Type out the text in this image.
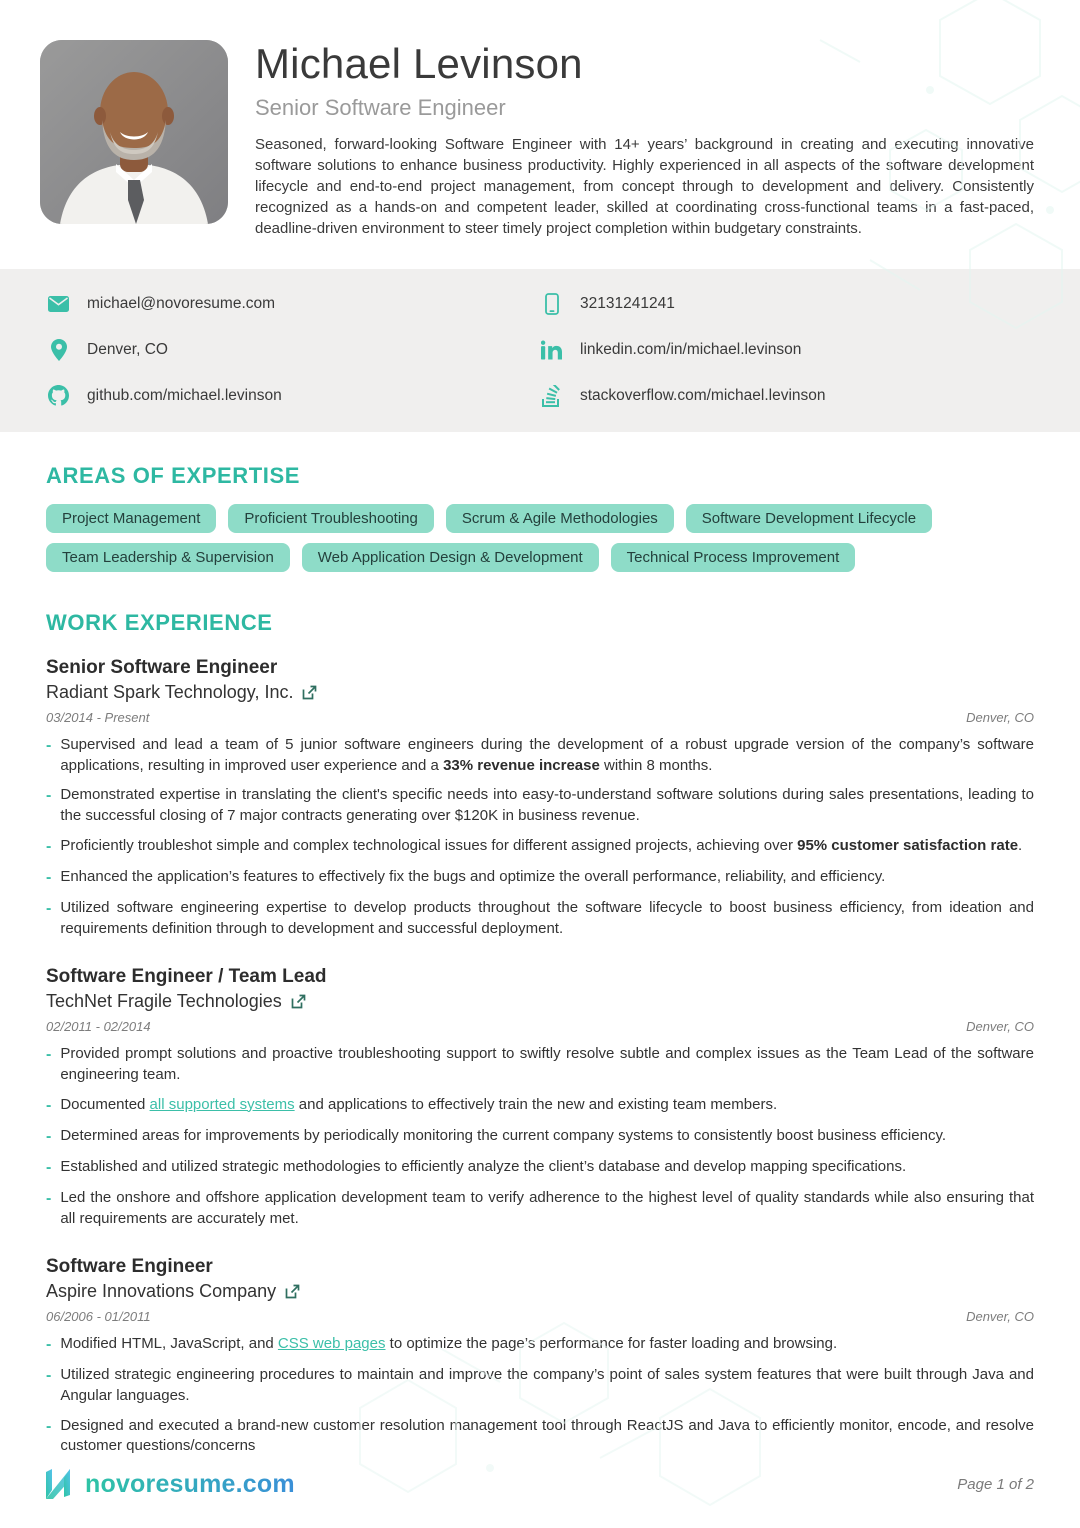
Michael Levinson
Senior Software Engineer
Seasoned, forward-looking Software Engineer with 14+ years’ background in creating and executing innovative software solutions to enhance business productivity. Highly experienced in all aspects of the software development lifecycle and end-to-end project management, from concept through to development and delivery. Consistently recognized as a hands-on and competent leader, skilled at coordinating cross-functional teams in a fast-paced, deadline-driven environment to steer timely project completion within budgetary constraints.
michael@novoresume.com	32131241241
Denver, CO	linkedin.com/in/michael.levinson
github.com/michael.levinson	stackoverflow.com/michael.levinson
AREAS OF EXPERTISE
Project Management	Proficient Troubleshooting	Scrum & Agile Methodologies	Software Development Lifecycle
Team Leadership & Supervision	Web Application Design & Development	Technical Process Improvement
WORK EXPERIENCE
Senior Software Engineer
Radiant Spark Technology, Inc.
03/2014 - Present	Denver, CO
- Supervised and lead a team of 5 junior software engineers during the development of a robust upgrade version of the company’s software applications, resulting in improved user experience and a 33% revenue increase within 8 months.
- Demonstrated expertise in translating the client's specific needs into easy-to-understand software solutions during sales presentations, leading to the successful closing of 7 major contracts generating over $120K in business revenue.
- Proficiently troubleshot simple and complex technological issues for different assigned projects, achieving over 95% customer satisfaction rate.
- Enhanced the application’s features to effectively fix the bugs and optimize the overall performance, reliability, and efficiency.
- Utilized software engineering expertise to develop products throughout the software lifecycle to boost business efficiency, from ideation and requirements definition through to development and successful deployment.
Software Engineer / Team Lead
TechNet Fragile Technologies
02/2011 - 02/2014	Denver, CO
- Provided prompt solutions and proactive troubleshooting support to swiftly resolve subtle and complex issues as the Team Lead of the software engineering team.
- Documented all supported systems and applications to effectively train the new and existing team members.
- Determined areas for improvements by periodically monitoring the current company systems to consistently boost business efficiency.
- Established and utilized strategic methodologies to efficiently analyze the client’s database and develop mapping specifications.
- Led the onshore and offshore application development team to verify adherence to the highest level of quality standards while also ensuring that all requirements are accurately met.
Software Engineer
Aspire Innovations Company
06/2006 - 01/2011	Denver, CO
- Modified HTML, JavaScript, and CSS web pages to optimize the page’s performance for faster loading and browsing.
- Utilized strategic engineering procedures to maintain and improve the company’s point of sales system features that were built through Java and Angular languages.
- Designed and executed a brand-new customer resolution management tool through ReactJS and Java to efficiently monitor, encode, and resolve customer questions/concerns
novoresume.com	Page 1 of 2
